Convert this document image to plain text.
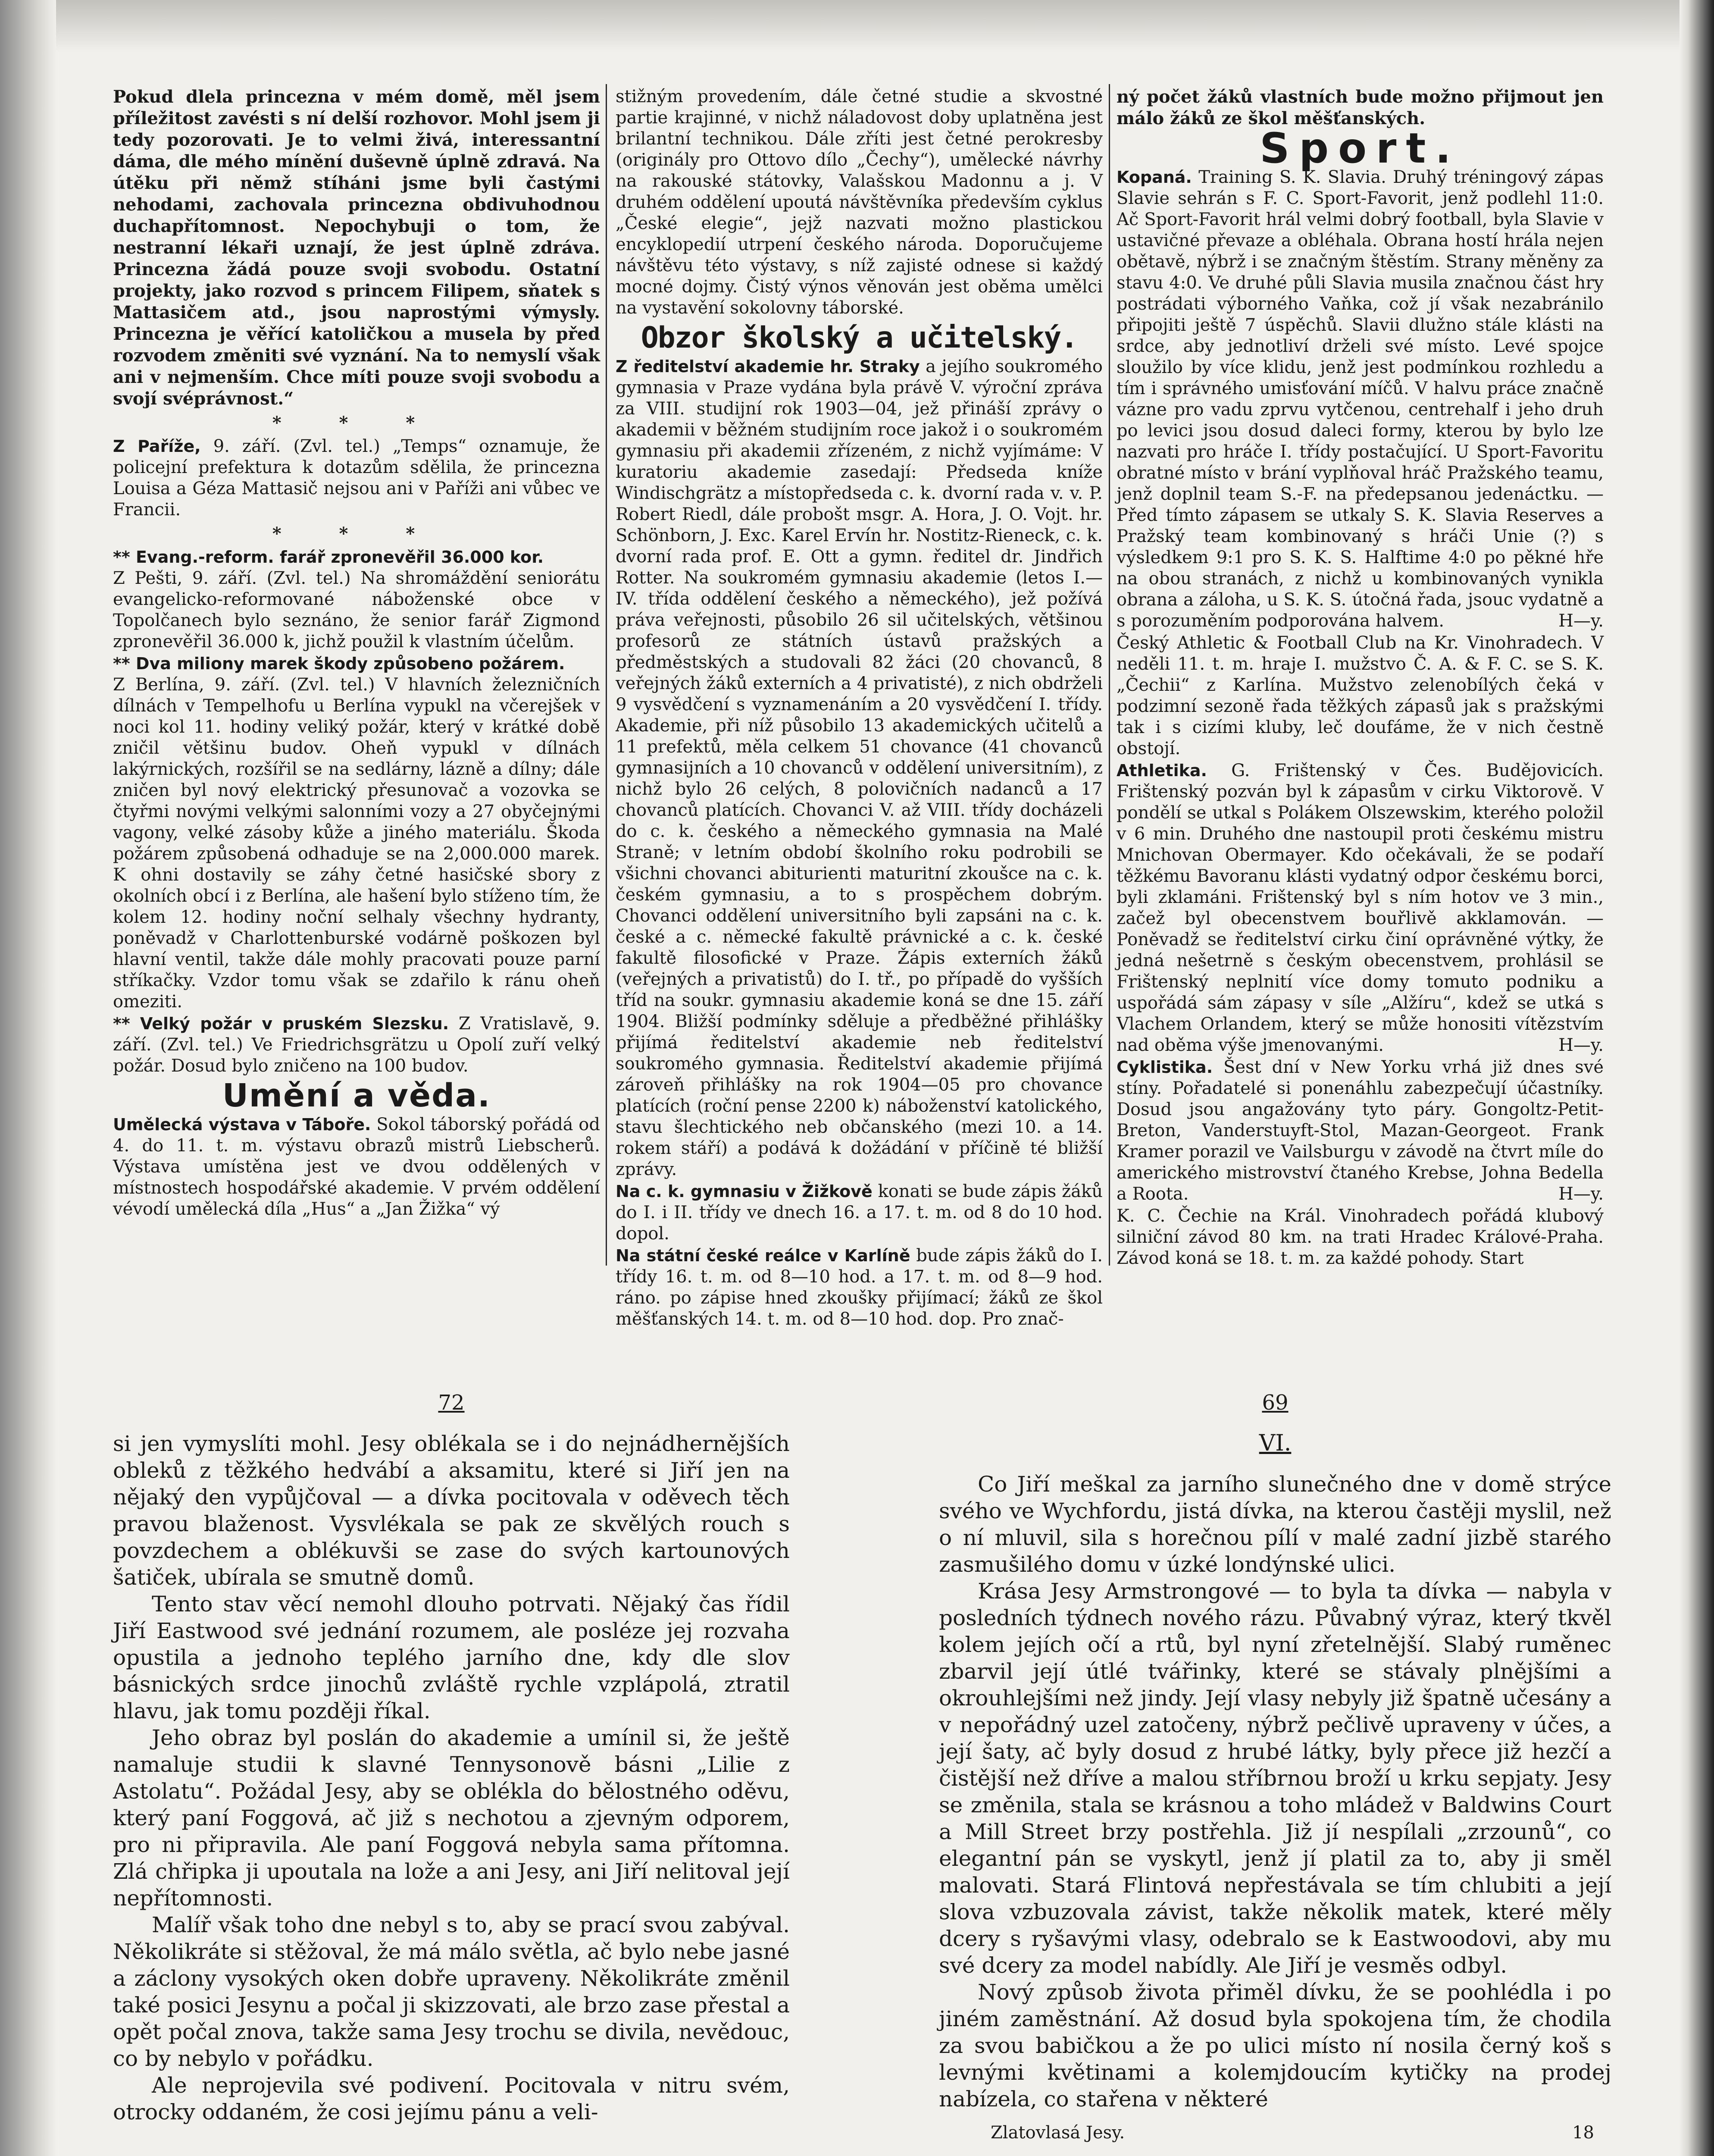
Pokud dlela princezna v mém domě, měl jsem příležitost zavésti s ní delší rozhovor. Mohl jsem ji tedy pozorovati. Je to velmi živá, interessantní dáma, dle mého mínění duševně úplně zdravá. Na útěku při němž stíháni jsme byli častými nehodami, zachovala princezna obdivuhodnou duchapřítomnost. Nepochybuji o tom, že nestranní lékaři uznají, že jest úplně zdráva. Princezna žádá pouze svoji svobodu. Ostatní projekty, jako rozvod s princem Filipem, sňatek s Mattasičem atd., jsou naprostými výmysly. Princezna je věřící katoličkou a musela by před rozvodem změniti své vyznání. Na to nemyslí však ani v nejmenším. Chce míti pouze svoji svobodu a svojí svéprávnost.“

* * *

Z Paříže, 9. září. (Zvl. tel.) „Temps“ oznamuje, že policejní prefektura k dotazům sdělila, že princezna Louisa a Géza Mattasič nejsou ani v Paříži ani vůbec ve Francii.

* * *

** Evang.-reform. farář zpronevěřil 36.000 kor.
Z Pešti, 9. září. (Zvl. tel.) Na shromáždění seniorátu evangelicko-reformované náboženské obce v Topolčanech bylo seznáno, že senior farář Zigmond zpronevěřil 36.000 k, jichž použil k vlastním účelům.

** Dva miliony marek škody způsobeno požárem.
Z Berlína, 9. září. (Zvl. tel.) V hlavních železničních dílnách v Tempelhofu u Berlína vypukl na včerejšek v noci kol 11. hodiny veliký požár, který v krátké době zničil většinu budov. Oheň vypukl v dílnách lakýrnických, rozšířil se na sedlárny, lázně a dílny; dále zničen byl nový elektrický přesunovač a vozovka se čtyřmi novými velkými salonními vozy a 27 obyčejnými vagony, velké zásoby kůže a jiného materiálu. Škoda požárem způsobená odhaduje se na 2,000.000 marek. K ohni dostavily se záhy četné hasičské sbory z okolních obcí i z Berlína, ale hašení bylo stíženo tím, že kolem 12. hodiny noční selhaly všechny hydranty, poněvadž v Charlottenburské vodárně poškozen byl hlavní ventil, takže dále mohly pracovati pouze parní stříkačky. Vzdor tomu však se zdařilo k ránu oheň omeziti.

** Velký požár v pruském Slezsku. Z Vratislavě, 9. září. (Zvl. tel.) Ve Friedrichsgrätzu u Opolí zuří velký požár. Dosud bylo zničeno na 100 budov.

Umění a věda.

Umělecká výstava v Táboře. Sokol táborský pořádá od 4. do 11. t. m. výstavu obrazů mistrů Liebscherů. Výstava umístěna jest ve dvou oddělených v místnostech hospodářské akademie. V prvém oddělení vévodí umělecká díla „Hus“ a „Jan Žižka“ vý

stižným provedením, dále četné studie a skvostné partie krajinné, v nichž náladovost doby uplatněna jest brilantní technikou. Dále zříti jest četné perokresby (originály pro Ottovo dílo „Čechy“), umělecké návrhy na rakouské státovky, Valašskou Madonnu a j. V druhém oddělení upoutá návštěvníka především cyklus „České elegie“, jejž nazvati možno plastickou encyklopedií utrpení českého národa. Doporučujeme návštěvu této výstavy, s níž zajisté odnese si každý mocné dojmy. Čistý výnos věnován jest oběma umělci na vystavění sokolovny táborské.

Obzor školský a učitelský.

Z ředitelství akademie hr. Straky a jejího soukromého gymnasia v Praze vydána byla právě V. výroční zpráva za VIII. studijní rok 1903—04, jež přináší zprávy o akademii v běžném studijním roce jakož i o soukromém gymnasiu při akademii zřízeném, z nichž vyjímáme: V kuratoriu akademie zasedají: Předseda kníže Windischgrätz a místopředseda c. k. dvorní rada v. v. P. Robert Riedl, dále probošt msgr. A. Hora, J. O. Vojt. hr. Schönborn, J. Exc. Karel Ervín hr. Nostitz-Rieneck, c. k. dvorní rada prof. E. Ott a gymn. ředitel dr. Jindřich Rotter. Na soukromém gymnasiu akademie (letos I.—IV. třída oddělení českého a německého), jež požívá práva veřejnosti, působilo 26 sil učitelských, většinou profesorů ze státních ústavů pražských a předměstských a studovali 82 žáci (20 chovanců, 8 veřejných žáků externích a 4 privatisté), z nich obdrželi 9 vysvědčení s vyznamenáním a 20 vysvědčení I. třídy. Akademie, při níž působilo 13 akademických učitelů a 11 prefektů, měla celkem 51 chovance (41 chovanců gymnasijních a 10 chovanců v oddělení universitním), z nichž bylo 26 celých, 8 polovičních nadanců a 17 chovanců platících. Chovanci V. až VIII. třídy docházeli do c. k. českého a německého gymnasia na Malé Straně; v letním období školního roku podrobili se všichni chovanci abiturienti maturitní zkoušce na c. k. českém gymnasiu, a to s prospěchem dobrým. Chovanci oddělení universitního byli zapsáni na c. k. české a c. německé fakultě právnické a c. k. české fakultě filosofické v Praze. Žápis externích žáků (veřejných a privatistů) do I. tř., po případě do vyšších tříd na soukr. gymnasiu akademie koná se dne 15. září 1904. Bližší podmínky sděluje a předběžné přihlášky přijímá ředitelství akademie neb ředitelství soukromého gymnasia. Ředitelství akademie přijímá zároveň přihlášky na rok 1904—05 pro chovance platících (roční pense 2200 k) náboženství katolického, stavu šlechtického neb občanského (mezi 10. a 14. rokem stáří) a podává k dožádání v příčině té bližší zprávy.

Na c. k. gymnasiu v Žižkově konati se bude zápis žáků do I. i II. třídy ve dnech 16. a 17. t. m. od 8 do 10 hod. dopol.

Na státní české reálce v Karlíně bude zápis žáků do I. třídy 16. t. m. od 8—10 hod. a 17. t. m. od 8—9 hod. ráno. po zápise hned zkoušky přijímací; žáků ze škol měšťanských 14. t. m. od 8—10 hod. dop. Pro znač-

ný počet žáků vlastních bude možno přijmout jen málo žáků ze škol měšťanských.

Sport.

Kopaná. Training S. K. Slavia. Druhý tréningový zápas Slavie sehrán s F. C. Sport-Favorit, jenž podlehl 11:0. Ač Sport-Favorit hrál velmi dobrý football, byla Slavie v ustavičné převaze a obléhala. Obrana hostí hrála nejen obětavě, nýbrž i se značným štěstím. Strany měněny za stavu 4:0. Ve druhé půli Slavia musila značnou část hry postrádati výborného Vaňka, což jí však nezabránilo připojiti ještě 7 úspěchů. Slavii dlužno stále klásti na srdce, aby jednotliví drželi své místo. Levé spojce sloužilo by více klidu, jenž jest podmínkou rozhledu a tím i správného umisťování míčů. V halvu práce značně vázne pro vadu zprvu vytčenou, centrehalf i jeho druh po levici jsou dosud daleci formy, kterou by bylo lze nazvati pro hráče I. třídy postačující. U Sport-Favoritu obratné místo v brání vyplňoval hráč Pražského teamu, jenž doplnil team S.-F. na předepsanou jedenáctku. — Před tímto zápasem se utkaly S. K. Slavia Reserves a Pražský team kombinovaný s hráči Unie (?) s výsledkem 9:1 pro S. K. S. Halftime 4:0 po pěkné hře na obou stranách, z nichž u kombinovaných vynikla obrana a záloha, u S. K. S. útočná řada, jsouc vydatně a s porozuměním podporována halvem.	H—y.

Český Athletic & Football Club na Kr. Vinohradech. V neděli 11. t. m. hraje I. mužstvo Č. A. & F. C. se S. K. „Čechii“ z Karlína. Mužstvo zelenobílých čeká v podzimní sezoně řada těžkých zápasů jak s pražskými tak i s cizími kluby, leč doufáme, že v nich čestně obstojí.

Athletika. G. Frištenský v Čes. Budějovicích. Frištenský pozván byl k zápasům v cirku Viktorově. V pondělí se utkal s Polákem Olszewskim, kterého položil v 6 min. Druhého dne nastoupil proti českému mistru Mnichovan Obermayer. Kdo očekávali, že se podaří těžkému Bavoranu klásti vydatný odpor českému borci, byli zklamáni. Frištenský byl s ním hotov ve 3 min., začež byl obecenstvem bouřlivě akklamován. — Poněvadž se ředitelství cirku činí oprávněné výtky, že jedná nešetrně s českým obecenstvem, prohlásil se Frištenský neplnití více domy tomuto podniku a uspořádá sám zápasy v síle „Alžíru“, kdež se utká s Vlachem Orlandem, který se může honositi vítězstvím nad oběma výše jmenovanými.	H—y.

Cyklistika. Šest dní v New Yorku vrhá již dnes své stíny. Pořadatelé si ponenáhlu zabezpečují účastníky. Dosud jsou angažovány tyto páry. Gongoltz-Petit-Breton, Vanderstuyft-Stol, Mazan-Georgeot. Frank Kramer porazil ve Vailsburgu v závodě na čtvrt míle do amerického mistrovství čtaného Krebse, Johna Bedella a Roota.	H—y.

K. C. Čechie na Král. Vinohradech pořádá klubový silniční závod 80 km. na trati Hradec Králové-Praha. Závod koná se 18. t. m. za každé pohody. Start

72

si jen vymyslíti mohl. Jesy oblékala se i do nejnádhernějších obleků z těžkého hedvábí a aksamitu, které si Jiří jen na nějaký den vypůjčoval — a dívka pocitovala v oděvech těch pravou blaženost. Vysvlékala se pak ze skvělých rouch s povzdechem a oblékuvši se zase do svých kartounových šatiček, ubírala se smutně domů.

Tento stav věcí nemohl dlouho potrvati. Nějaký čas řídil Jiří Eastwood své jednání rozumem, ale posléze jej rozvaha opustila a jednoho teplého jarního dne, kdy dle slov básnických srdce jinochů zvláště rychle vzplápolá, ztratil hlavu, jak tomu později říkal.

Jeho obraz byl poslán do akademie a umínil si, že ještě namaluje studii k slavné Tennysonově básni „Lilie z Astolatu“. Požádal Jesy, aby se oblékla do bělostného oděvu, který paní Foggová, ač již s nechotou a zjevným odporem, pro ni připravila. Ale paní Foggová nebyla sama přítomna. Zlá chřipka ji upoutala na lože a ani Jesy, ani Jiří nelitoval její nepřítomnosti.

Malíř však toho dne nebyl s to, aby se prací svou zabýval. Několikráte si stěžoval, že má málo světla, ač bylo nebe jasné a záclony vysokých oken dobře upraveny. Několikráte změnil také posici Jesynu a počal ji skizzovati, ale brzo zase přestal a opět počal znova, takže sama Jesy trochu se divila, nevědouc, co by nebylo v pořádku.

Ale neprojevila své podivení. Pocitovala v nitru svém, otrocky oddaném, že cosi jejímu pánu a veli-

69
VI.

Co Jiří meškal za jarního slunečného dne v domě strýce svého ve Wychfordu, jistá dívka, na kterou častěji myslil, než o ní mluvil, sila s horečnou pílí v malé zadní jizbě starého zasmušilého domu v úzké londýnské ulici.

Krása Jesy Armstrongové — to byla ta dívka — nabyla v posledních týdnech nového rázu. Půvabný výraz, který tkvěl kolem jejích očí a rtů, byl nyní zřetelnější. Slabý ruměnec zbarvil její útlé tvářinky, které se stávaly plnějšími a okrouhlejšími než jindy. Její vlasy nebyly již špatně učesány a v nepořádný uzel zatočeny, nýbrž pečlivě upraveny v účes, a její šaty, ač byly dosud z hrubé látky, byly přece již hezčí a čistější než dříve a malou stříbrnou broží u krku sepjaty. Jesy se změnila, stala se krásnou a toho mládež v Baldwins Court a Mill Street brzy postřehla. Již jí nespílali „zrzounů“, co elegantní pán se vyskytl, jenž jí platil za to, aby ji směl malovati. Stará Flintová nepřestávala se tím chlubiti a její slova vzbuzovala závist, takže několik matek, které měly dcery s ryšavými vlasy, odebralo se k Eastwoodovi, aby mu své dcery za model nabídly. Ale Jiří je vesměs odbyl.

Nový způsob života přiměl dívku, že se poohlédla i po jiném zaměstnání. Až dosud byla spokojena tím, že chodila za svou babičkou a že po ulici místo ní nosila černý koš s levnými květinami a kolemjdoucím kytičky na prodej nabízela, co stařena v některé

Zlatovlasá Jesy.	18
